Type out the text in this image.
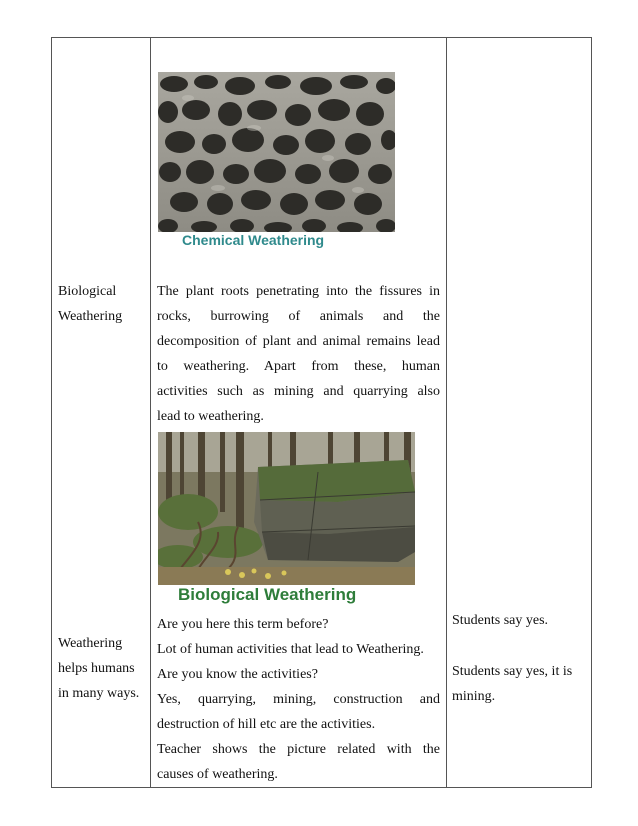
Biological
Weathering
Weathering
helps humans
in many ways.
Chemical Weathering
The plant roots penetrating into the fissures in
rocks, burrowing of animals and the
decomposition of plant and animal remains lead
to weathering. Apart from these, human
activities such as mining and quarrying also
lead to weathering.
Biological Weathering
Are you here this term before?
Lot of human activities that lead to Weathering.
Are you know the activities?
Yes, quarrying, mining, construction and
destruction of hill etc are the activities.
Teacher shows the picture related with the
causes of weathering.
Students say yes.
Students say yes, it is
mining.
